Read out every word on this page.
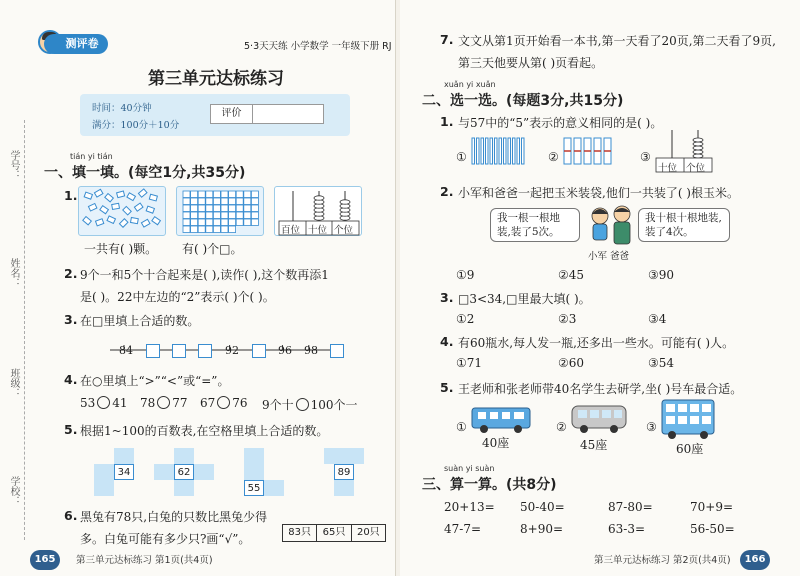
测评卷	5·3天天练 小学数学 一年级下册 RJ
第三单元达标练习
时间：40分钟
满分：100分＋10分
评价
学号：
姓名：
班级：
学校：
tián yi tián
一、填一填。(每空1分,共35分)
1.
百位 十位 个位
一共有( )颗。 有( )个□。
2. 9个一和5个十合起来是( ),读作( ),这个数再添1
是( )。22中左边的“2”表示( )个( )。
3. 在□里填上合适的数。
84	92	96 98
4. 在○里填上“>”“<”或“=”。
53 41 78 77 67 76 9个十 100个一
5. 根据1~100的百数表,在空格里填上合适的数。
34	62
55
89
6. 黑兔有78只,白兔的只数比黑兔少得
多。白兔可能有多少只?画“√”。	83只	65只	20只
165	第三单元达标练习 第1页(共4页)
7. 文文从第1页开始看一本书,第一天看了20页,第二天看了9页,
第三天他要从第( )页看起。
xuǎn yi xuǎn
二、选一选。(每题3分,共15分)
1. 与57中的“5”表示的意义相同的是( )。
①	②	③
十位 个位
2. 小军和爸爸一起把玉米装袋,他们一共装了( )根玉米。
我一根一根地装,装了5次。
我十根十根地装,装了4次。
小军 爸爸
①9	②45	③90
3. □3<34,□里最大填( )。
①2	②3	③4
4. 有60瓶水,每人发一瓶,还多出一些水。可能有( )人。
①71	②60	③54
5. 王老师和张老师带40名学生去研学,坐( )号车最合适。
①
40座
②
45座
③
60座
suàn yi suàn
三、算一算。(共8分)
20+13= 50-40=	87-80=	70+9=
47-7=	8+90=	63-3=	56-50=
第三单元达标练习 第2页(共4页)	166
